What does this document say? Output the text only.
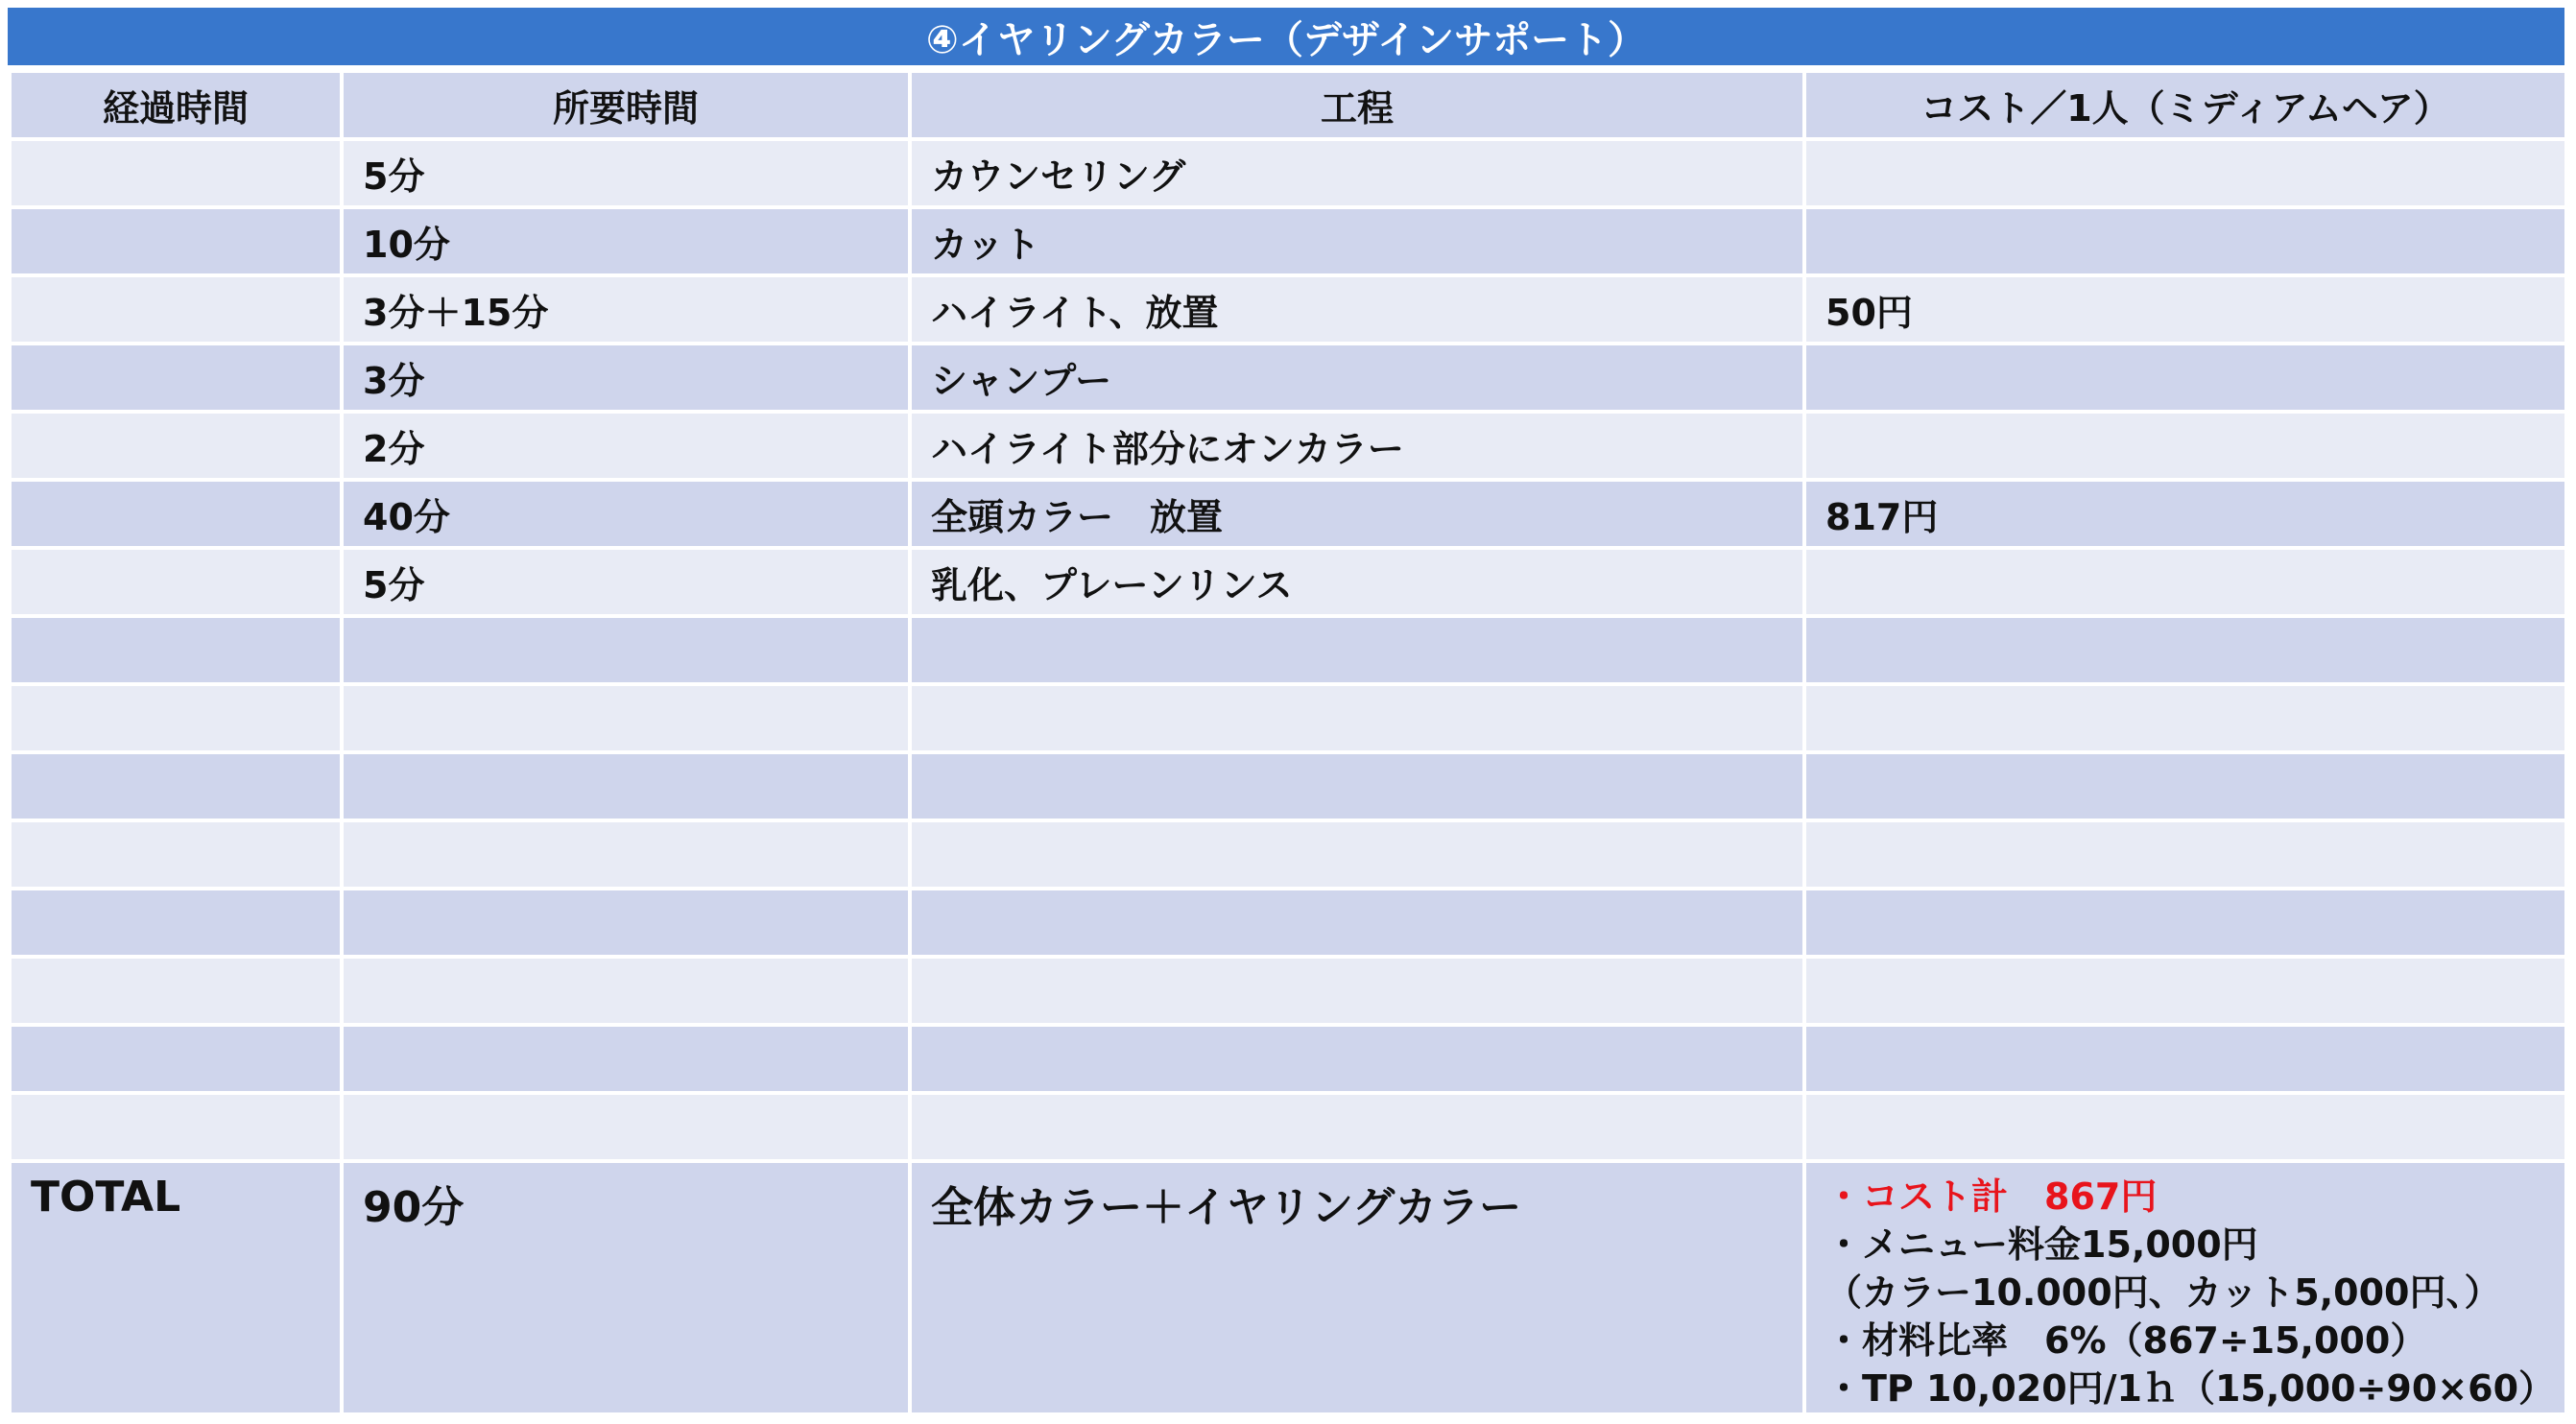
④イヤリングカラー（デザインサポート）
経過時間	所要時間	工程	コスト／1人（ミディアムヘア）
	5分	カウンセリング	
	10分	カット	
	3分＋15分	ハイライト、放置	50円
	3分	シャンプー	
	2分	ハイライト部分にオンカラー	
	40分	全頭カラー　放置	817円
	5分	乳化、プレーンリンス	

TOTAL	90分	全体カラー＋イヤリングカラー	・コスト計　867円
・メニュー料金15,000円
（カラー10.000円、カット5,000円、）
・材料比率　6%（867÷15,000）
・TP 10,020円/1ｈ（15,000÷90×60）
